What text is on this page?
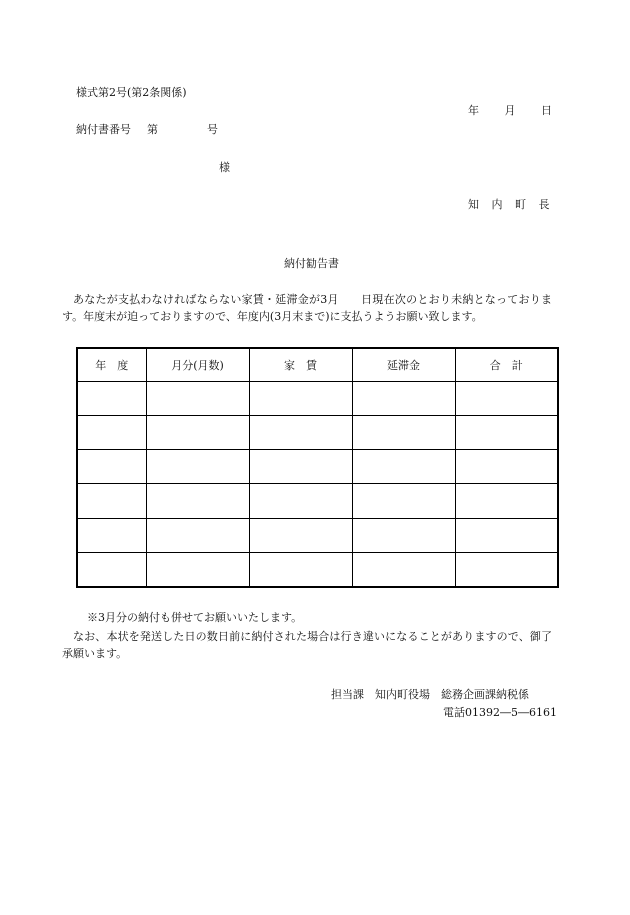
様式第2号(第2条関係)
年 月 日
納付書番号 第	号
様
知 内 町 長
納付勧告書
あなたが支払わなければならない家賃・延滞金が3月　　日現在次のとおり未納となっております。年度末が迫っておりますので、年度内(3月末まで)に支払うようお願い致します。
年　度	月分(月数)	家　賃	延滞金	合　計

※3月分の納付も併せてお願いいたします。
なお、本状を発送した日の数日前に納付された場合は行き違いになることがありますので、御了承願います。
担当課　知内町役場　総務企画課納税係
電話01392―5―6161
